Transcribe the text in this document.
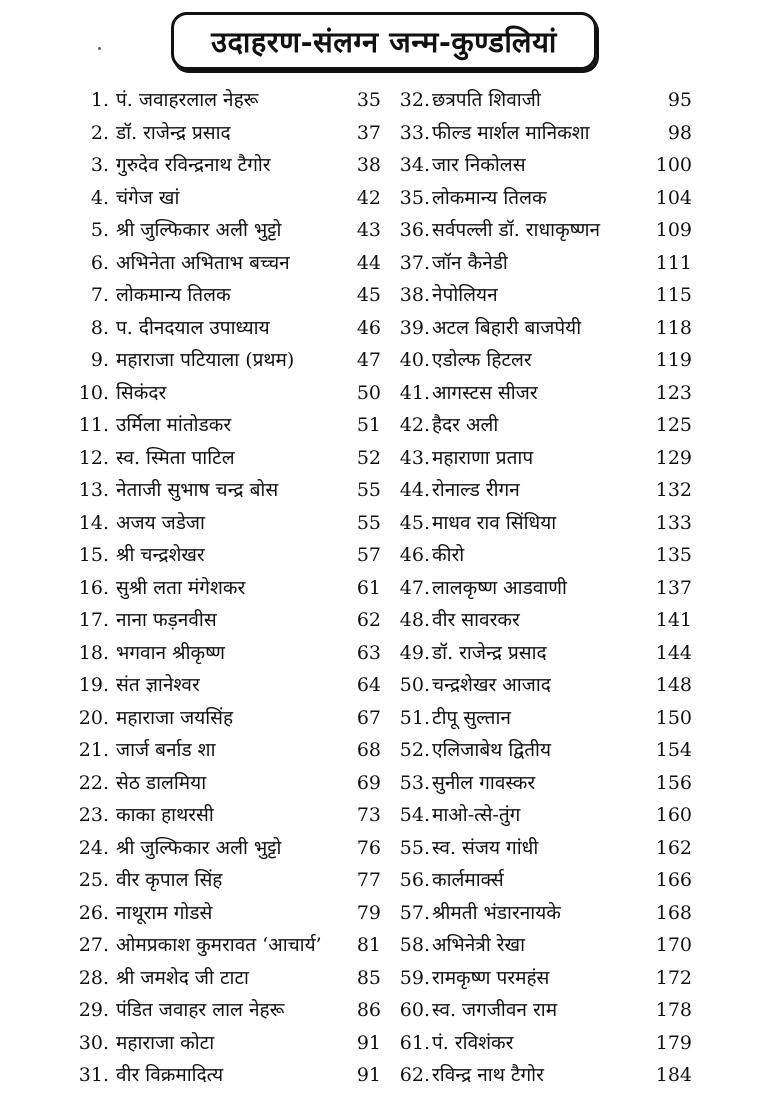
उदाहरण-संलग्न जन्म-कुण्डलियां
1. पं. जवाहरलाल नेहरू	35 32. छत्रपति शिवाजी	95
2. डॉ. राजेन्द्र प्रसाद	37 33. फील्ड मार्शल मानिकशा	98
3. गुरुदेव रविन्द्रनाथ टैगोर	38 34. जार निकोलस	100
4. चंगेज खां	42 35. लोकमान्य तिलक	104
5. श्री जुल्फिकार अली भुट्टो	43 36. सर्वपल्ली डॉ. राधाकृष्णन	109
6. अभिनेता अभिताभ बच्चन	44 37. जॉन कैनेडी	111
7. लोकमान्य तिलक	45 38. नेपोलियन	115
8. प. दीनदयाल उपाध्याय	46 39. अटल बिहारी बाजपेयी	118
9. महाराजा पटियाला (प्रथम)	47 40. एडोल्फ हिटलर	119
10. सिकंदर	50 41. आगस्टस सीजर	123
11. उर्मिला मांतोडकर	51 42. हैदर अली	125
12. स्व. स्मिता पाटिल	52 43. महाराणा प्रताप	129
13. नेताजी सुभाष चन्द्र बोस	55 44. रोनाल्ड रीगन	132
14. अजय जडेजा	55 45. माधव राव सिंधिया	133
15. श्री चन्द्रशेखर	57 46. कीरो	135
16. सुश्री लता मंगेशकर	61 47. लालकृष्ण आडवाणी	137
17. नाना फड़नवीस	62 48. वीर सावरकर	141
18. भगवान श्रीकृष्ण	63 49. डॉ. राजेन्द्र प्रसाद	144
19. संत ज्ञानेश्वर	64 50. चन्द्रशेखर आजाद	148
20. महाराजा जयसिंह	67 51. टीपू सुल्तान	150
21. जार्ज बर्नाड शा	68 52. एलिजाबेथ द्वितीय	154
22. सेठ डालमिया	69 53. सुनील गावस्कर	156
23. काका हाथरसी	73 54. माओ-त्से-तुंग	160
24. श्री जुल्फिकार अली भुट्टो	76 55. स्व. संजय गांधी	162
25. वीर कृपाल सिंह	77 56. कार्लमार्क्स	166
26. नाथूराम गोडसे	79 57. श्रीमती भंडारनायके	168
27. ओमप्रकाश कुमरावत ‘आचार्य’ 81 58. अभिनेत्री रेखा	170
28. श्री जमशेद जी टाटा	85 59. रामकृष्ण परमहंस	172
29. पंडित जवाहर लाल नेहरू	86 60. स्व. जगजीवन राम	178
30. महाराजा कोटा	91 61. पं. रविशंकर	179
31. वीर विक्रमादित्य	91 62. रविन्द्र नाथ टैगोर	184
